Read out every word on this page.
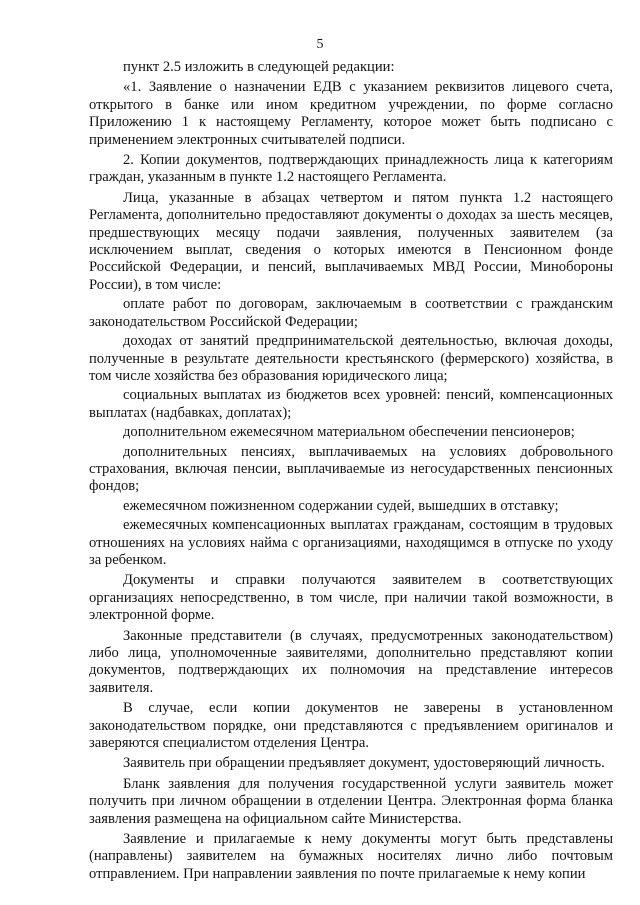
5

пункт 2.5 изложить в следующей редакции:

«1. Заявление о назначении ЕДВ с указанием реквизитов лицевого счета, открытого в банке или ином кредитном учреждении, по форме согласно Приложению 1 к настоящему Регламенту, которое может быть подписано с применением электронных считывателей подписи.

2. Копии документов, подтверждающих принадлежность лица к категориям граждан, указанным в пункте 1.2 настоящего Регламента.

Лица, указанные в абзацах четвертом и пятом пункта 1.2 настоящего Регламента, дополнительно предоставляют документы о доходах за шесть месяцев, предшествующих месяцу подачи заявления, полученных заявителем (за исключением выплат, сведения о которых имеются в Пенсионном фонде Российской Федерации, и пенсий, выплачиваемых МВД России, Минобороны России), в том числе:

оплате работ по договорам, заключаемым в соответствии с гражданским законодательством Российской Федерации;

доходах от занятий предпринимательской деятельностью, включая доходы, полученные в результате деятельности крестьянского (фермерского) хозяйства, в том числе хозяйства без образования юридического лица;

социальных выплатах из бюджетов всех уровней: пенсий, компенсационных выплатах (надбавках, доплатах);

дополнительном ежемесячном материальном обеспечении пенсионеров;

дополнительных пенсиях, выплачиваемых на условиях добровольного страхования, включая пенсии, выплачиваемые из негосударственных пенсионных фондов;

ежемесячном пожизненном содержании судей, вышедших в отставку;

ежемесячных компенсационных выплатах гражданам, состоящим в трудовых отношениях на условиях найма с организациями, находящимся в отпуске по уходу за ребенком.

Документы и справки получаются заявителем в соответствующих организациях непосредственно, в том числе, при наличии такой возможности, в электронной форме.

Законные представители (в случаях, предусмотренных законодательством) либо лица, уполномоченные заявителями, дополнительно представляют копии документов, подтверждающих их полномочия на представление интересов заявителя.

В случае, если копии документов не заверены в установленном законодательством порядке, они представляются с предъявлением оригиналов и заверяются специалистом отделения Центра.

Заявитель при обращении предъявляет документ, удостоверяющий личность.

Бланк заявления для получения государственной услуги заявитель может получить при личном обращении в отделении Центра. Электронная форма бланка заявления размещена на официальном сайте Министерства.

Заявление и прилагаемые к нему документы могут быть представлены (направлены) заявителем на бумажных носителях лично либо почтовым отправлением. При направлении заявления по почте прилагаемые к нему копии
